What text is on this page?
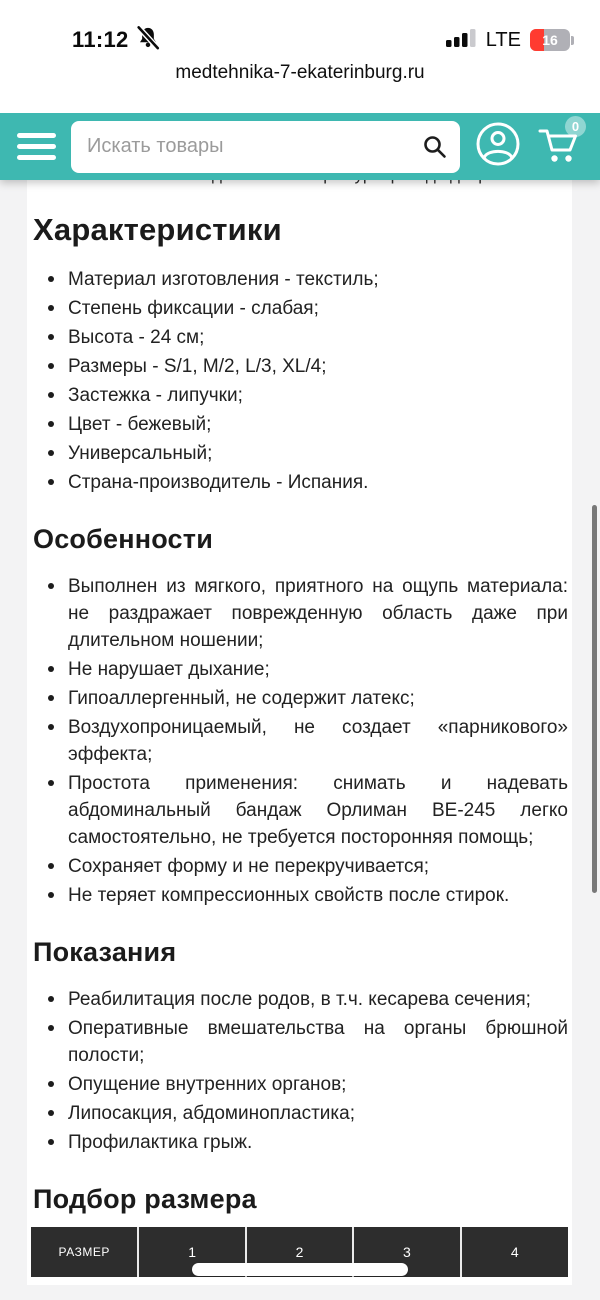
11:12	LTE	16
medtehnika-7-ekaterinburg.ru
Искать товары
0
Характеристики
Материал изготовления - текстиль;
Степень фиксации - слабая;
Высота - 24 см;
Размеры - S/1, M/2, L/3, XL/4;
Застежка - липучки;
Цвет - бежевый;
Универсальный;
Страна-производитель - Испания.
Особенности
Выполнен из мягкого, приятного на ощупь материала: не раздражает поврежденную область даже при длительном ношении;
Не нарушает дыхание;
Гипоаллергенный, не содержит латекс;
Воздухопроницаемый, не создает «парникового» эффекта;
Простота применения: снимать и надевать абдоминальный бандаж Орлиман BE-245 легко самостоятельно, не требуется посторонняя помощь;
Сохраняет форму и не перекручивается;
Не теряет компрессионных свойств после стирок.
Показания
Реабилитация после родов, в т.ч. кесарева сечения;
Оперативные вмешательства на органы брюшной полости;
Опущение внутренних органов;
Липосакция, абдоминопластика;
Профилактика грыж.
Подбор размера
РАЗМЕР	1	2	3	4
